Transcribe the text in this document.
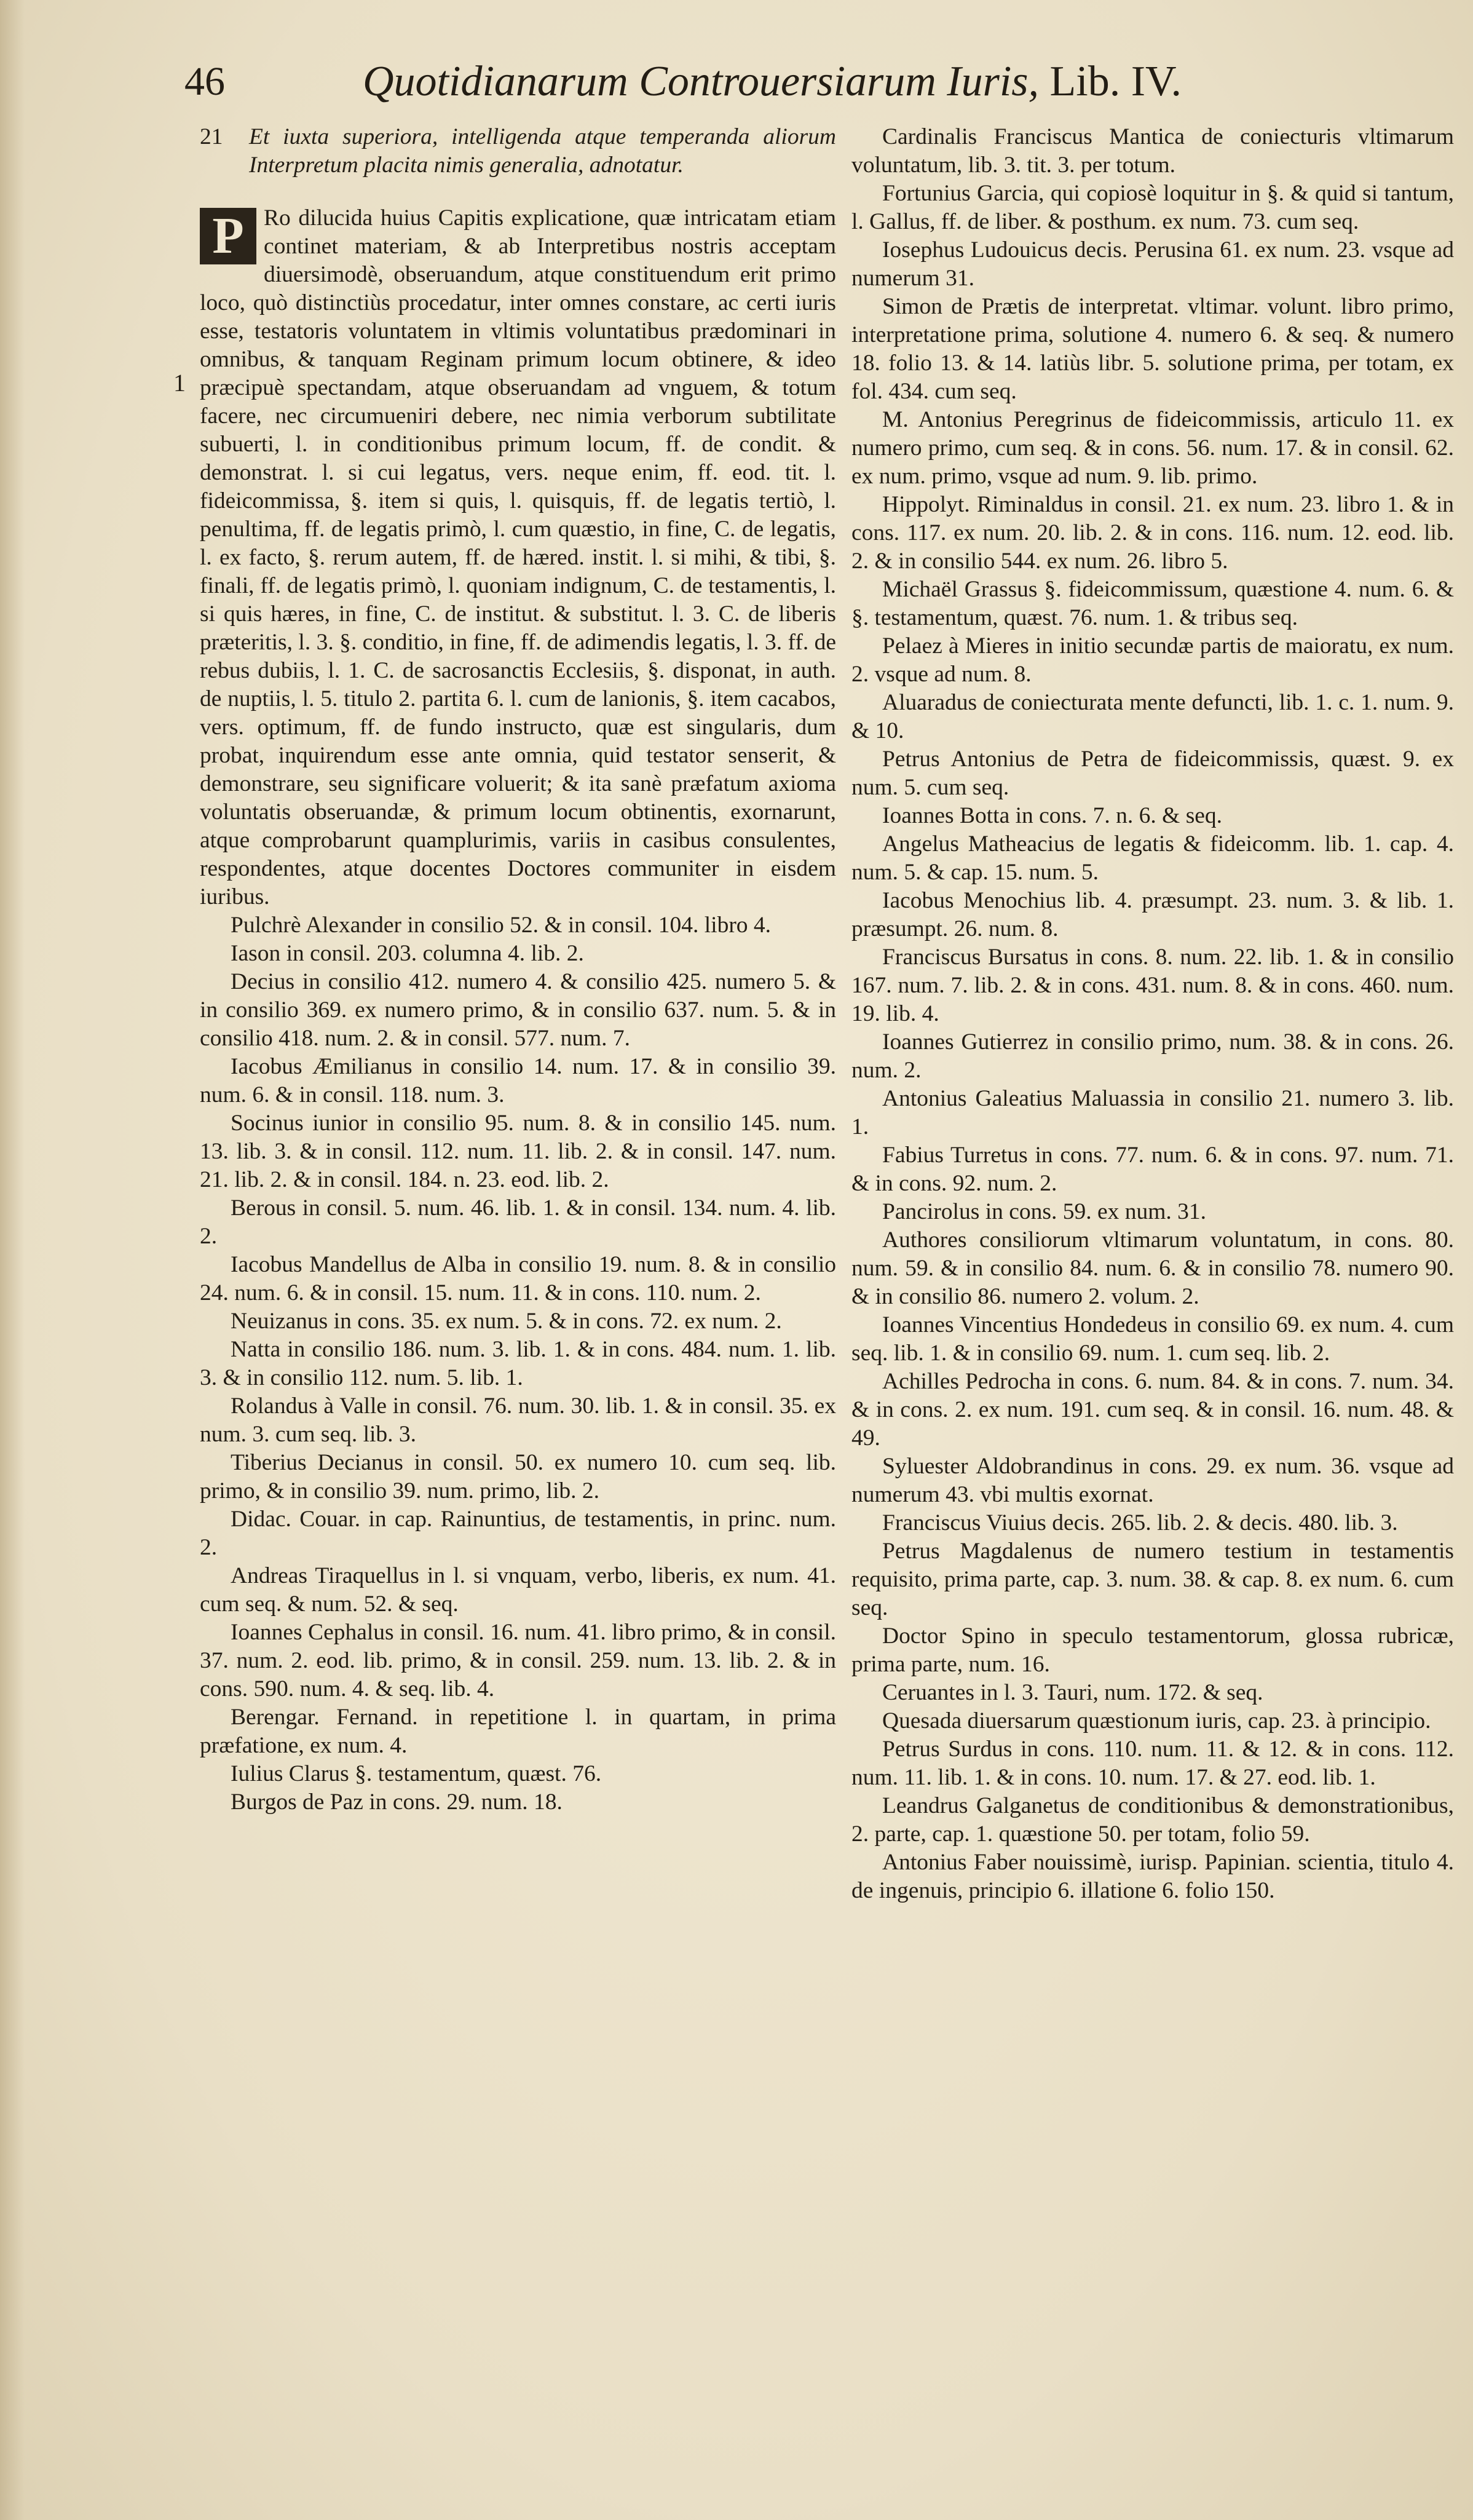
46	Quotidianarum Controuersiarum Iuris, Lib. IV.
1

21 Et iuxta superiora, intelligenda atque temperanda aliorum Interpretum placita nimis generalia, adnotatur.

P Ro dilucida huius Capitis explicatione, quæ intricatam etiam continet materiam, & ab Interpretibus nostris acceptam diuersimodè, obseruandum, atque constituendum erit primo loco, quò distinctiùs procedatur, inter omnes constare, ac certi iuris esse, testatoris voluntatem in vltimis voluntatibus prædominari in omnibus, & tanquam Reginam primum locum obtinere, & ideo præcipuè spectandam, atque obseruandam ad vnguem, & totum facere, nec circumueniri debere, nec nimia verborum subtilitate subuerti, l. in conditionibus primum locum, ff. de condit. & demonstrat. l. si cui legatus, vers. neque enim, ff. eod. tit. l. fideicommissa, §. item si quis, l. quisquis, ff. de legatis tertiò, l. penultima, ff. de legatis primò, l. cum quæstio, in fine, C. de legatis, l. ex facto, §. rerum autem, ff. de hæred. instit. l. si mihi, & tibi, §. finali, ff. de legatis primò, l. quoniam indignum, C. de testamentis, l. si quis hæres, in fine, C. de institut. & substitut. l. 3. C. de liberis præteritis, l. 3. §. conditio, in fine, ff. de adimendis legatis, l. 3. ff. de rebus dubiis, l. 1. C. de sacrosanctis Ecclesiis, §. disponat, in auth. de nuptiis, l. 5. titulo 2. partita 6. l. cum de lanionis, §. item cacabos, vers. optimum, ff. de fundo instructo, quæ est singularis, dum probat, inquirendum esse ante omnia, quid testator senserit, & demonstrare, seu significare voluerit; & ita sanè præfatum axioma voluntatis obseruandæ, & primum locum obtinentis, exornarunt, atque comprobarunt quamplurimis, variis in casibus consulentes, respondentes, atque docentes Doctores communiter in eisdem iuribus.

Pulchrè Alexander in consilio 52. & in consil. 104. libro 4.

Iason in consil. 203. columna 4. lib. 2.

Decius in consilio 412. numero 4. & consilio 425. numero 5. & in consilio 369. ex numero primo, & in consilio 637. num. 5. & in consilio 418. num. 2. & in consil. 577. num. 7.

Iacobus Æmilianus in consilio 14. num. 17. & in consilio 39. num. 6. & in consil. 118. num. 3.

Socinus iunior in consilio 95. num. 8. & in consilio 145. num. 13. lib. 3. & in consil. 112. num. 11. lib. 2. & in consil. 147. num. 21. lib. 2. & in consil. 184. n. 23. eod. lib. 2.

Berous in consil. 5. num. 46. lib. 1. & in consil. 134. num. 4. lib. 2.

Iacobus Mandellus de Alba in consilio 19. num. 8. & in consilio 24. num. 6. & in consil. 15. num. 11. & in cons. 110. num. 2.

Neuizanus in cons. 35. ex num. 5. & in cons. 72. ex num. 2.

Natta in consilio 186. num. 3. lib. 1. & in cons. 484. num. 1. lib. 3. & in consilio 112. num. 5. lib. 1.

Rolandus à Valle in consil. 76. num. 30. lib. 1. & in consil. 35. ex num. 3. cum seq. lib. 3.

Tiberius Decianus in consil. 50. ex numero 10. cum seq. lib. primo, & in consilio 39. num. primo, lib. 2.

Didac. Couar. in cap. Rainuntius, de testamentis, in princ. num. 2.

Andreas Tiraquellus in l. si vnquam, verbo, liberis, ex num. 41. cum seq. & num. 52. & seq.

Ioannes Cephalus in consil. 16. num. 41. libro primo, & in consil. 37. num. 2. eod. lib. primo, & in consil. 259. num. 13. lib. 2. & in cons. 590. num. 4. & seq. lib. 4.

Berengar. Fernand. in repetitione l. in quartam, in prima præfatione, ex num. 4.

Iulius Clarus §. testamentum, quæst. 76.

Burgos de Paz in cons. 29. num. 18.

Cardinalis Franciscus Mantica de coniecturis vltimarum voluntatum, lib. 3. tit. 3. per totum.

Fortunius Garcia, qui copiosè loquitur in §. & quid si tantum, l. Gallus, ff. de liber. & posthum. ex num. 73. cum seq.

Iosephus Ludouicus decis. Perusina 61. ex num. 23. vsque ad numerum 31.

Simon de Prætis de interpretat. vltimar. volunt. libro primo, interpretatione prima, solutione 4. numero 6. & seq. & numero 18. folio 13. & 14. latiùs libr. 5. solutione prima, per totam, ex fol. 434. cum seq.

M. Antonius Peregrinus de fideicommissis, articulo 11. ex numero primo, cum seq. & in cons. 56. num. 17. & in consil. 62. ex num. primo, vsque ad num. 9. lib. primo.

Hippolyt. Riminaldus in consil. 21. ex num. 23. libro 1. & in cons. 117. ex num. 20. lib. 2. & in cons. 116. num. 12. eod. lib. 2. & in consilio 544. ex num. 26. libro 5.

Michaël Grassus §. fideicommissum, quæstione 4. num. 6. & §. testamentum, quæst. 76. num. 1. & tribus seq.

Pelaez à Mieres in initio secundæ partis de maioratu, ex num. 2. vsque ad num. 8.

Aluaradus de coniecturata mente defuncti, lib. 1. c. 1. num. 9. & 10.

Petrus Antonius de Petra de fideicommissis, quæst. 9. ex num. 5. cum seq.

Ioannes Botta in cons. 7. n. 6. & seq.

Angelus Matheacius de legatis & fideicomm. lib. 1. cap. 4. num. 5. & cap. 15. num. 5.

Iacobus Menochius lib. 4. præsumpt. 23. num. 3. & lib. 1. præsumpt. 26. num. 8.

Franciscus Bursatus in cons. 8. num. 22. lib. 1. & in consilio 167. num. 7. lib. 2. & in cons. 431. num. 8. & in cons. 460. num. 19. lib. 4.

Ioannes Gutierrez in consilio primo, num. 38. & in cons. 26. num. 2.

Antonius Galeatius Maluassia in consilio 21. numero 3. lib. 1.

Fabius Turretus in cons. 77. num. 6. & in cons. 97. num. 71. & in cons. 92. num. 2.

Pancirolus in cons. 59. ex num. 31.

Authores consiliorum vltimarum voluntatum, in cons. 80. num. 59. & in consilio 84. num. 6. & in consilio 78. numero 90. & in consilio 86. numero 2. volum. 2.

Ioannes Vincentius Hondedeus in consilio 69. ex num. 4. cum seq. lib. 1. & in consilio 69. num. 1. cum seq. lib. 2.

Achilles Pedrocha in cons. 6. num. 84. & in cons. 7. num. 34. & in cons. 2. ex num. 191. cum seq. & in consil. 16. num. 48. & 49.

Syluester Aldobrandinus in cons. 29. ex num. 36. vsque ad numerum 43. vbi multis exornat.

Franciscus Viuius decis. 265. lib. 2. & decis. 480. lib. 3.

Petrus Magdalenus de numero testium in testamentis requisito, prima parte, cap. 3. num. 38. & cap. 8. ex num. 6. cum seq.

Doctor Spino in speculo testamentorum, glossa rubricæ, prima parte, num. 16.

Ceruantes in l. 3. Tauri, num. 172. & seq.

Quesada diuersarum quæstionum iuris, cap. 23. à principio.

Petrus Surdus in cons. 110. num. 11. & 12. & in cons. 112. num. 11. lib. 1. & in cons. 10. num. 17. & 27. eod. lib. 1.

Leandrus Galganetus de conditionibus & demonstrationibus, 2. parte, cap. 1. quæstione 50. per totam, folio 59.

Antonius Faber nouissimè, iurisp. Papinian. scientia, titulo 4. de ingenuis, principio 6. illatione 6. folio 150.
